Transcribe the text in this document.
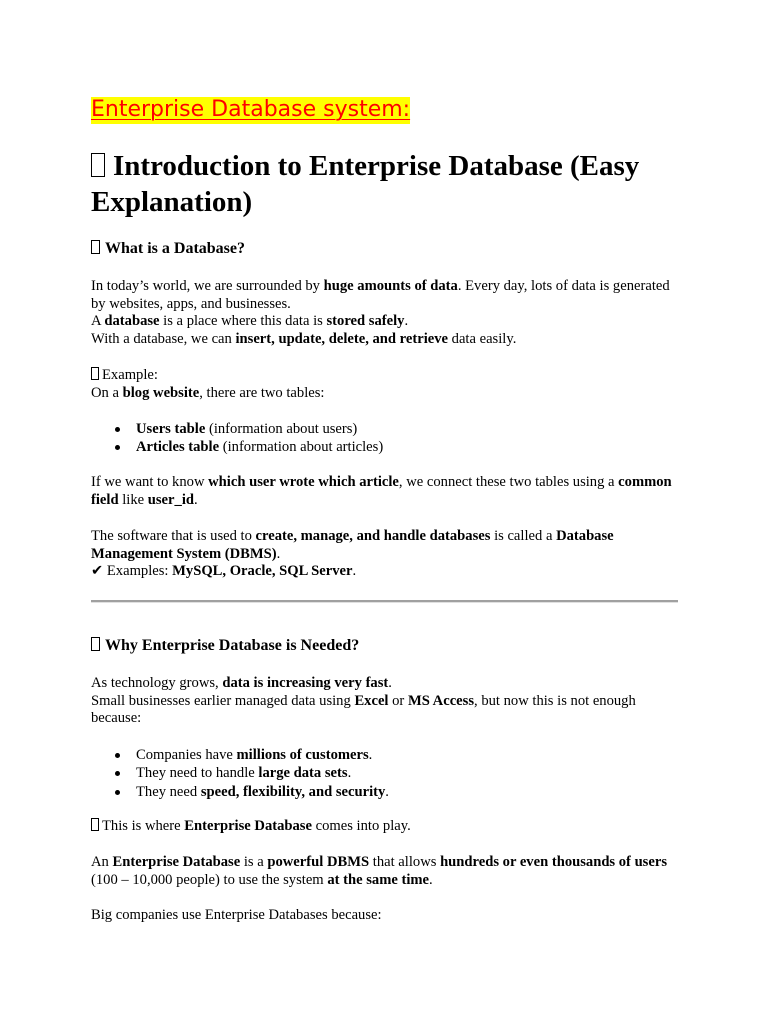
Enterprise Database system:
Introduction to Enterprise Database (Easy Explanation)
What is a Database?

In today’s world, we are surrounded by huge amounts of data. Every day, lots of data is generated by websites, apps, and businesses.
A database is a place where this data is stored safely.
With a database, we can insert, update, delete, and retrieve data easily.

Example:
On a blog website, there are two tables:

Users table (information about users)
Articles table (information about articles)

If we want to know which user wrote which article, we connect these two tables using a common field like user_id.

The software that is used to create, manage, and handle databases is called a Database Management System (DBMS).
✔ Examples: MySQL, Oracle, SQL Server.

Why Enterprise Database is Needed?

As technology grows, data is increasing very fast.
Small businesses earlier managed data using Excel or MS Access, but now this is not enough because:

Companies have millions of customers.
They need to handle large data sets.
They need speed, flexibility, and security.

This is where Enterprise Database comes into play.

An Enterprise Database is a powerful DBMS that allows hundreds or even thousands of users (100 – 10,000 people) to use the system at the same time.

Big companies use Enterprise Databases because:
